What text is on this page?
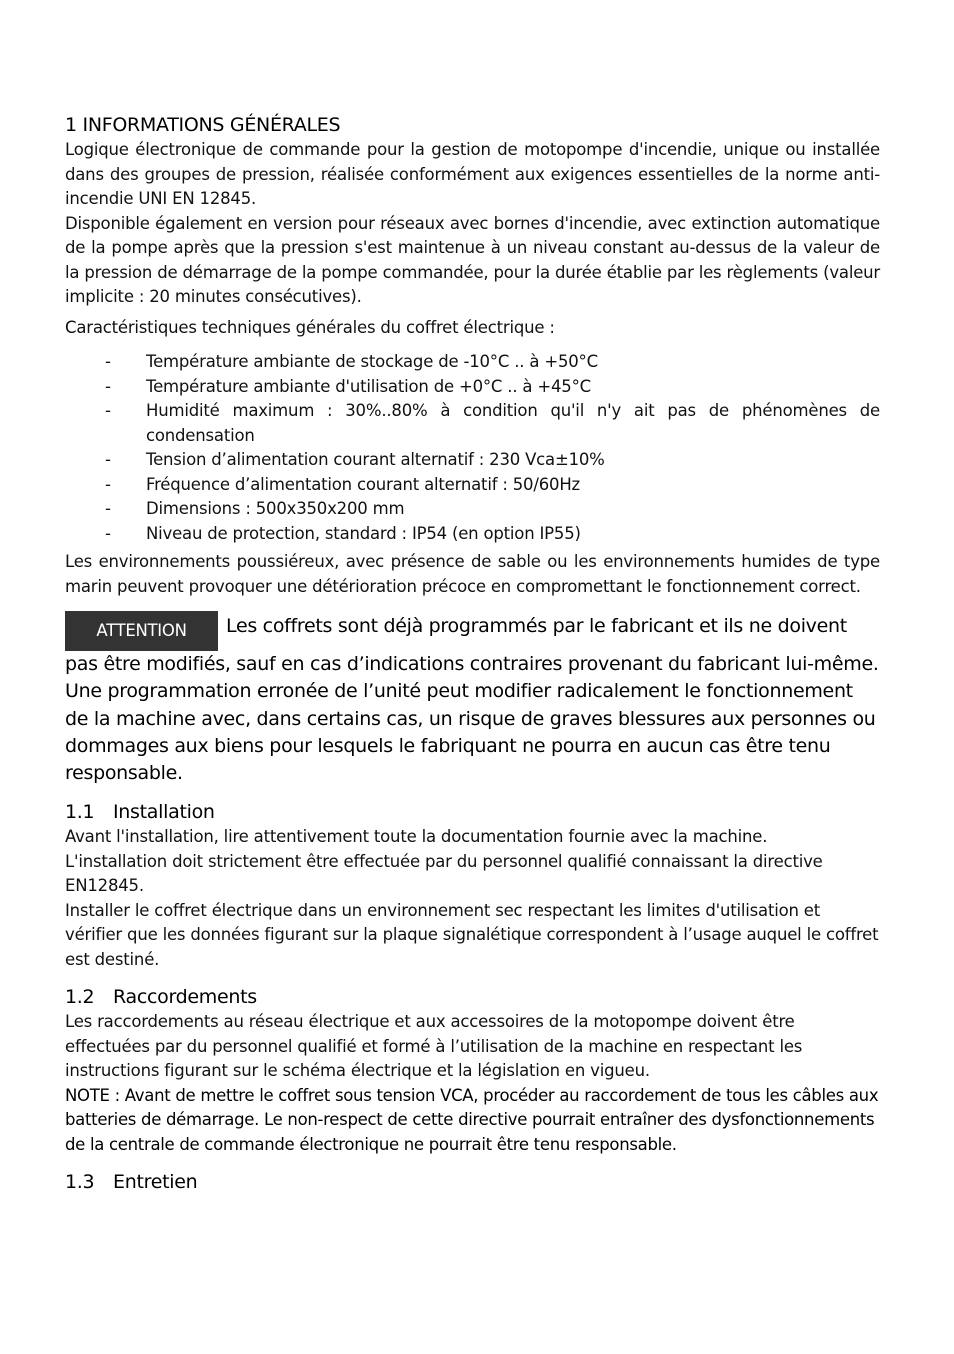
1 INFORMATIONS GÉNÉRALES

Logique électronique de commande pour la gestion de motopompe d'incendie, unique ou installée dans des groupes de pression, réalisée conformément aux exigences essentielles de la norme anti-incendie UNI EN 12845.

Disponible également en version pour réseaux avec bornes d'incendie, avec extinction automatique de la pompe après que la pression s'est maintenue à un niveau constant au-dessus de la valeur de la pression de démarrage de la pompe commandée, pour la durée établie par les règlements (valeur implicite : 20 minutes consécutives).

Caractéristiques techniques générales du coffret électrique :

- Température ambiante de stockage de -10°C .. à +50°C
- Température ambiante d'utilisation de +0°C .. à +45°C
- Humidité maximum : 30%..80% à condition qu'il n'y ait pas de phénomènes de condensation
- Tension d’alimentation courant alternatif : 230 Vca±10%
- Fréquence d’alimentation courant alternatif : 50/60Hz
- Dimensions : 500x350x200 mm
- Niveau de protection, standard : IP54 (en option IP55)

Les environnements poussiéreux, avec présence de sable ou les environnements humides de type marin peuvent provoquer une détérioration précoce en compromettant le fonctionnement correct.

ATTENTION Les coffrets sont déjà programmés par le fabricant et ils ne doivent pas être modifiés, sauf en cas d’indications contraires provenant du fabricant lui-même. Une programmation erronée de l’unité peut modifier radicalement le fonctionnement de la machine avec, dans certains cas, un risque de graves blessures aux personnes ou dommages aux biens pour lesquels le fabriquant ne pourra en aucun cas être tenu responsable.
1.1 Installation

Avant l'installation, lire attentivement toute la documentation fournie avec la machine.

L'installation doit strictement être effectuée par du personnel qualifié connaissant la directive EN12845.

Installer le coffret électrique dans un environnement sec respectant les limites d'utilisation et vérifier que les données figurant sur la plaque signalétique correspondent à l’usage auquel le coffret est destiné.

1.2 Raccordements

Les raccordements au réseau électrique et aux accessoires de la motopompe doivent être effectuées par du personnel qualifié et formé à l’utilisation de la machine en respectant les instructions figurant sur le schéma électrique et la législation en vigueu.

NOTE : Avant de mettre le coffret sous tension VCA, procéder au raccordement de tous les câbles aux batteries de démarrage. Le non-respect de cette directive pourrait entraîner des dysfonctionnements de la centrale de commande électronique ne pourrait être tenu responsable.
1.3 Entretien
